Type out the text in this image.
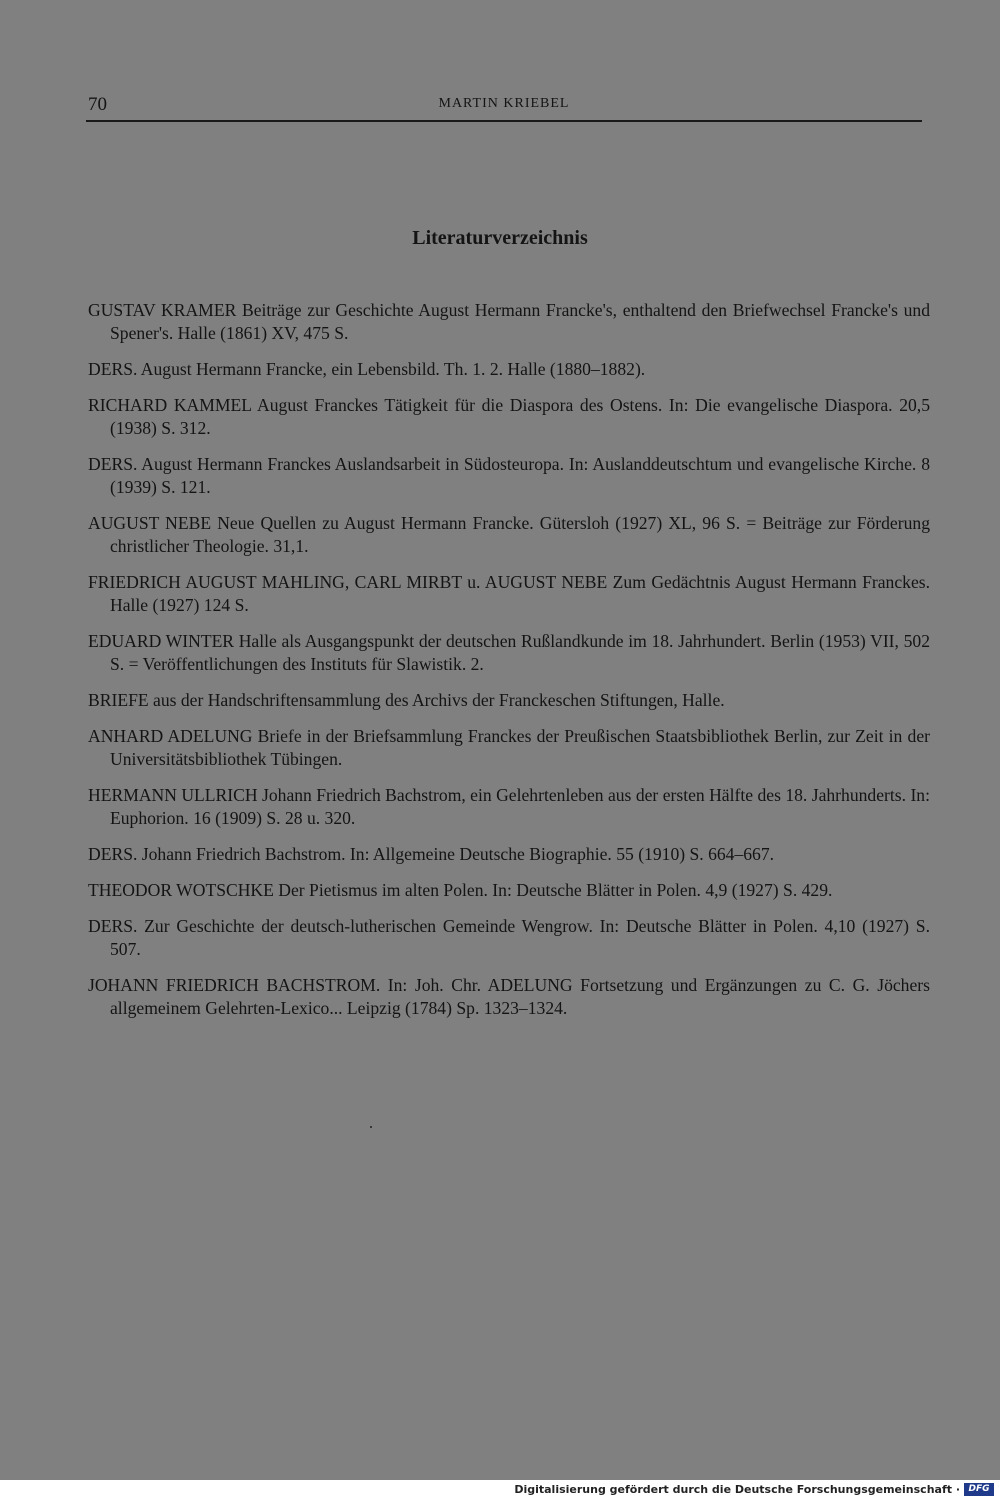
70	MARTIN KRIEBEL
Literaturverzeichnis
GUSTAV KRAMER Beiträge zur Geschichte August Hermann Francke's, enthaltend den Briefwechsel Francke's und Spener's. Halle (1861) XV, 475 S.
DERS. August Hermann Francke, ein Lebensbild. Th. 1. 2. Halle (1880–1882).
RICHARD KAMMEL August Franckes Tätigkeit für die Diaspora des Ostens. In: Die evangelische Diaspora. 20,5 (1938) S. 312.
DERS. August Hermann Franckes Auslandsarbeit in Südosteuropa. In: Auslanddeutschtum und evangelische Kirche. 8 (1939) S. 121.
AUGUST NEBE Neue Quellen zu August Hermann Francke. Gütersloh (1927) XL, 96 S. = Beiträge zur Förderung christlicher Theologie. 31,1.
FRIEDRICH AUGUST MAHLING, CARL MIRBT u. AUGUST NEBE Zum Gedächtnis August Hermann Franckes. Halle (1927) 124 S.
EDUARD WINTER Halle als Ausgangspunkt der deutschen Rußlandkunde im 18. Jahrhundert. Berlin (1953) VII, 502 S. = Veröffentlichungen des Instituts für Slawistik. 2.
BRIEFE aus der Handschriftensammlung des Archivs der Franckeschen Stiftungen, Halle.
ANHARD ADELUNG Briefe in der Briefsammlung Franckes der Preußischen Staatsbibliothek Berlin, zur Zeit in der Universitätsbibliothek Tübingen.
HERMANN ULLRICH Johann Friedrich Bachstrom, ein Gelehrtenleben aus der ersten Hälfte des 18. Jahrhunderts. In: Euphorion. 16 (1909) S. 28 u. 320.
DERS. Johann Friedrich Bachstrom. In: Allgemeine Deutsche Biographie. 55 (1910) S. 664–667.
THEODOR WOTSCHKE Der Pietismus im alten Polen. In: Deutsche Blätter in Polen. 4,9 (1927) S. 429.
DERS. Zur Geschichte der deutsch-lutherischen Gemeinde Wengrow. In: Deutsche Blätter in Polen. 4,10 (1927) S. 507.
JOHANN FRIEDRICH BACHSTROM. In: Joh. Chr. ADELUNG Fortsetzung und Ergänzungen zu C. G. Jöchers allgemeinem Gelehrten-Lexico... Leipzig (1784) Sp. 1323–1324.
Digitalisierung gefördert durch die Deutsche Forschungsgemeinschaft · DFG
